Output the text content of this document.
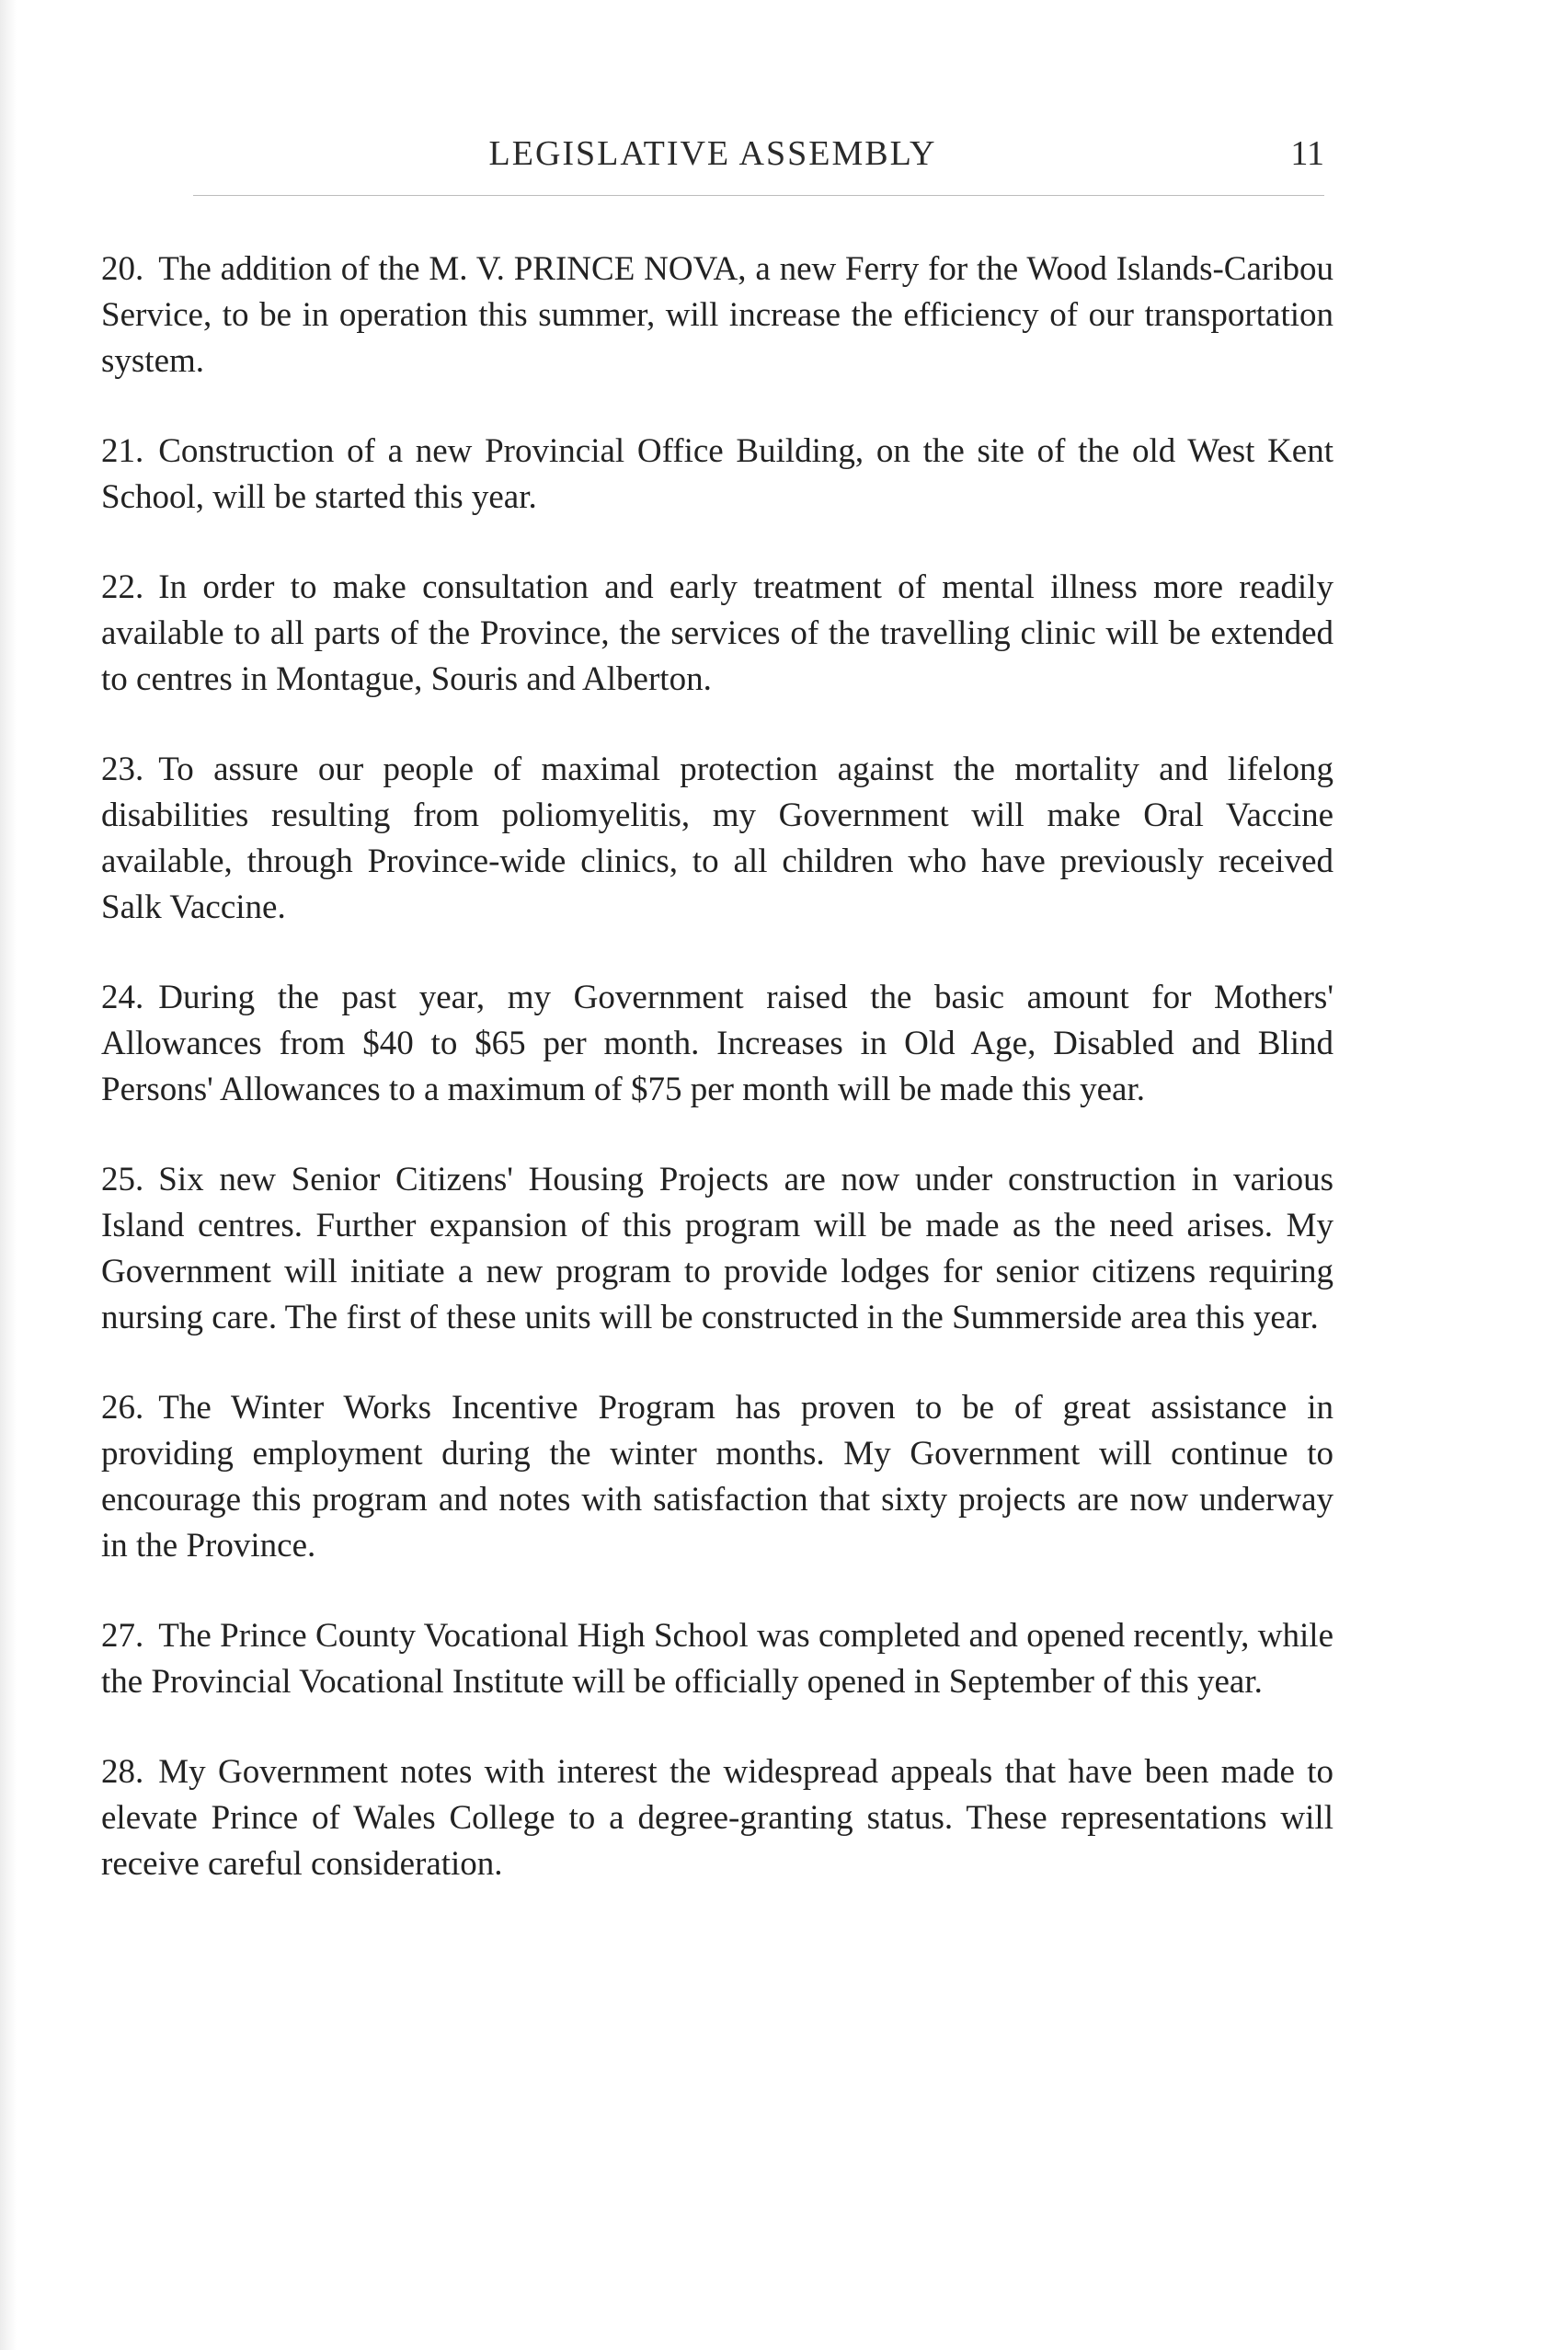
LEGISLATIVE ASSEMBLY	11

20. The addition of the M. V. PRINCE NOVA, a new Ferry for the Wood Islands-Caribou Service, to be in operation this summer, will increase the efficiency of our transportation system.

21. Construction of a new Provincial Office Building, on the site of the old West Kent School, will be started this year.

22. In order to make consultation and early treatment of mental illness more readily available to all parts of the Province, the services of the travelling clinic will be extended to centres in Montague, Souris and Alberton.

23. To assure our people of maximal protection against the mortality and lifelong disabilities resulting from poliomyelitis, my Government will make Oral Vaccine available, through Province-wide clinics, to all children who have previously received Salk Vaccine.

24. During the past year, my Government raised the basic amount for Mothers' Allowances from $40 to $65 per month. Increases in Old Age, Disabled and Blind Persons' Allowances to a maximum of $75 per month will be made this year.

25. Six new Senior Citizens' Housing Projects are now under construction in various Island centres. Further expansion of this program will be made as the need arises. My Government will initiate a new program to provide lodges for senior citizens requiring nursing care. The first of these units will be constructed in the Summerside area this year.

26. The Winter Works Incentive Program has proven to be of great assistance in providing employment during the winter months. My Government will continue to encourage this program and notes with satisfaction that sixty projects are now underway in the Province.

27. The Prince County Vocational High School was completed and opened recently, while the Provincial Vocational Institute will be officially opened in September of this year.

28. My Government notes with interest the widespread appeals that have been made to elevate Prince of Wales College to a degree-granting status. These representations will receive careful consideration.
